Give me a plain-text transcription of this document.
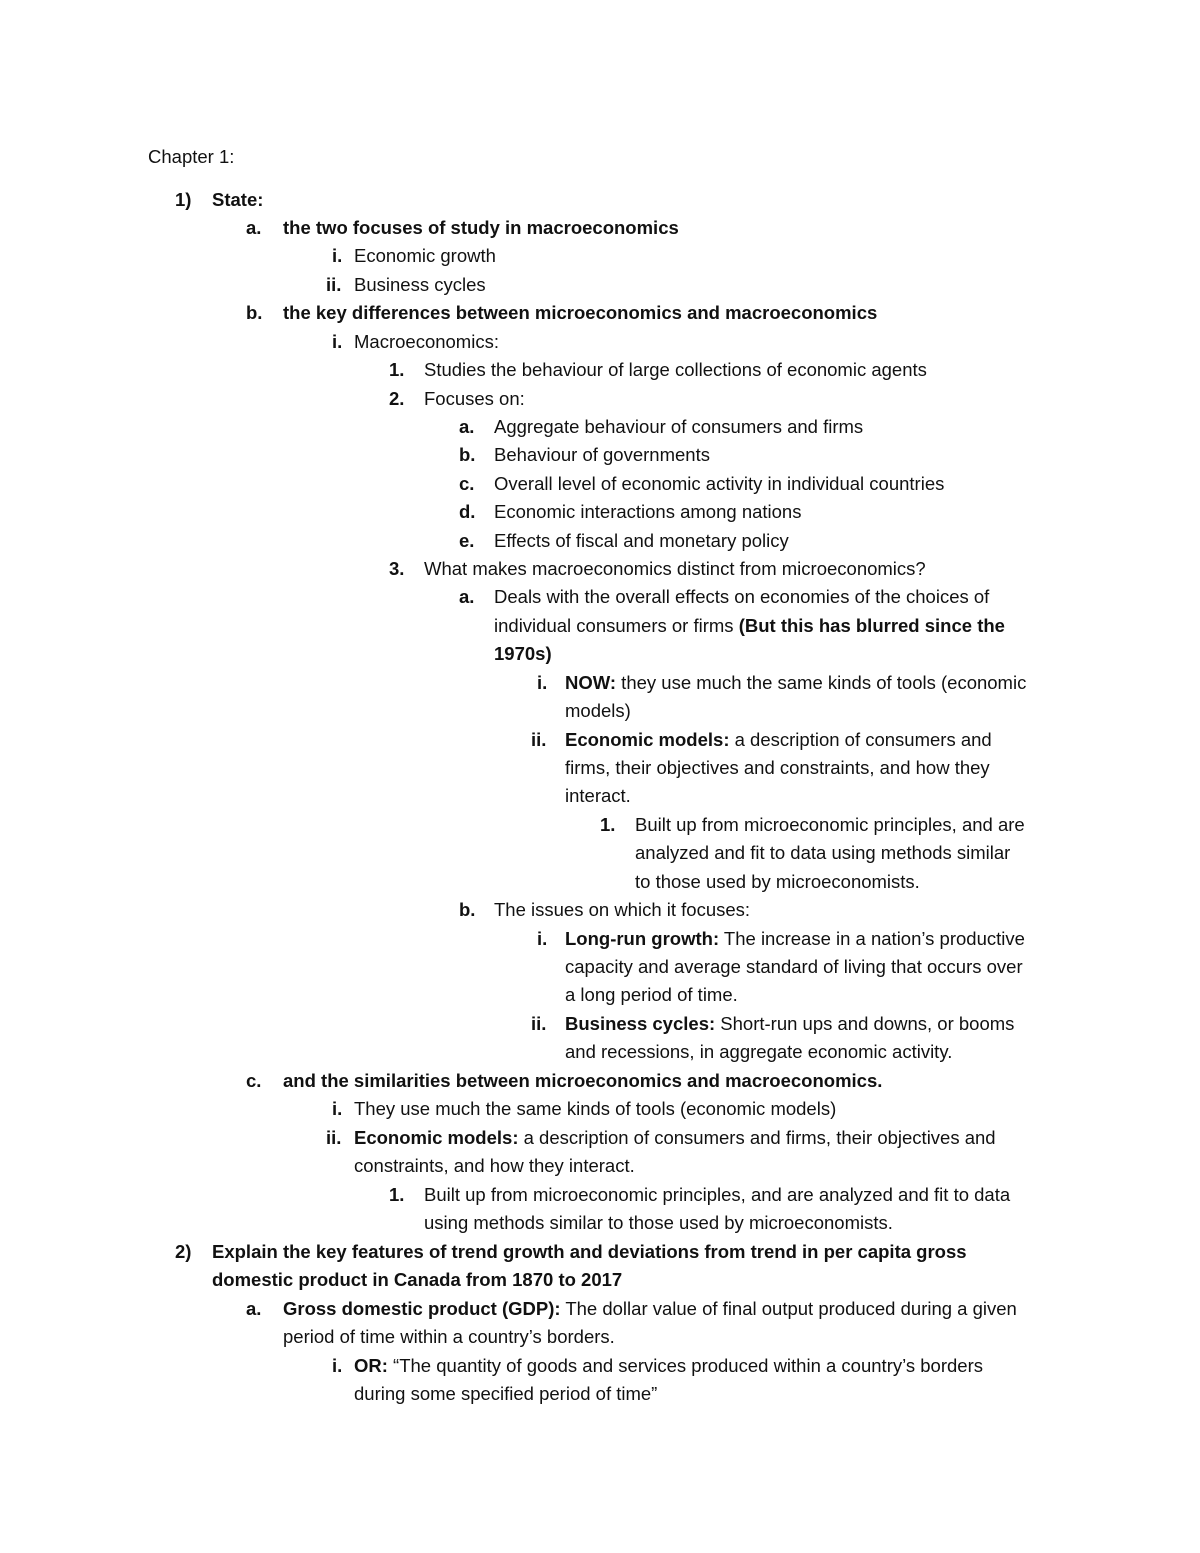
Chapter 1:
1) State:
a. the two focuses of study in macroeconomics
i. Economic growth
ii. Business cycles
b. the key differences between microeconomics and macroeconomics
i. Macroeconomics:
1. Studies the behaviour of large collections of economic agents
2. Focuses on:
a. Aggregate behaviour of consumers and firms
b. Behaviour of governments
c. Overall level of economic activity in individual countries
d. Economic interactions among nations
e. Effects of fiscal and monetary policy
3. What makes macroeconomics distinct from microeconomics?
a. Deals with the overall effects on economies of the choices of
individual consumers or firms (But this has blurred since the
1970s)
i. NOW: they use much the same kinds of tools (economic
models)
ii. Economic models: a description of consumers and
firms, their objectives and constraints, and how they
interact.
1. Built up from microeconomic principles, and are
analyzed and fit to data using methods similar
to those used by microeconomists.
b. The issues on which it focuses:
i. Long-run growth: The increase in a nation’s productive
capacity and average standard of living that occurs over
a long period of time.
ii. Business cycles: Short-run ups and downs, or booms
and recessions, in aggregate economic activity.
c. and the similarities between microeconomics and macroeconomics.
i. They use much the same kinds of tools (economic models)
ii. Economic models: a description of consumers and firms, their objectives and
constraints, and how they interact.
1. Built up from microeconomic principles, and are analyzed and fit to data
using methods similar to those used by microeconomists.
2) Explain the key features of trend growth and deviations from trend in per capita gross
domestic product in Canada from 1870 to 2017
a. Gross domestic product (GDP): The dollar value of final output produced during a given
period of time within a country’s borders.
i. OR: “The quantity of goods and services produced within a country’s borders
during some specified period of time”
